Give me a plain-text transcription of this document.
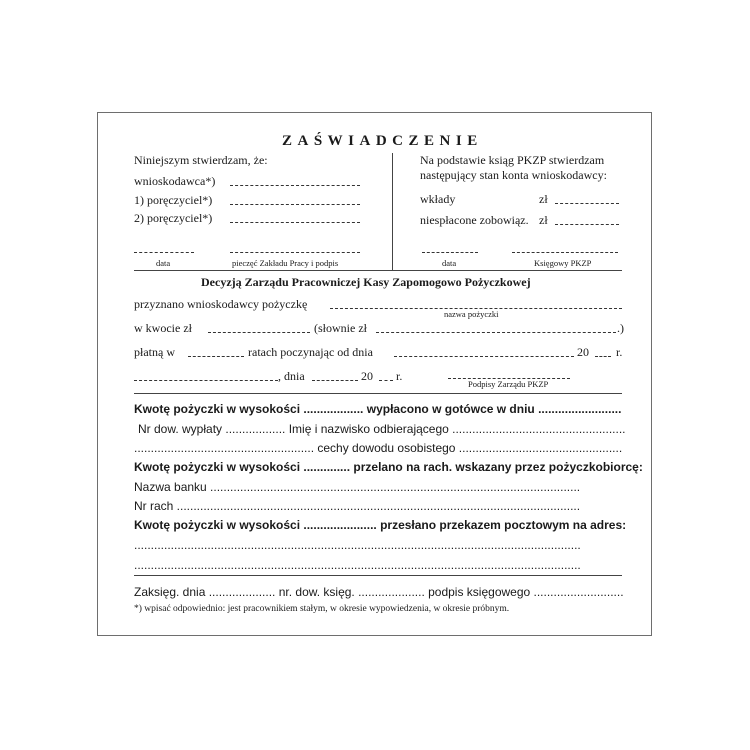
ZAŚWIADCZENIE
Niniejszym stwierdzam, że:
wnioskodawca*)
1) poręczyciel*)
2) poręczyciel*)
data	pieczęć Zakładu Pracy i podpis
Na podstawie ksiąg PKZP stwierdzam
następujący stan konta wnioskodawcy:
wkłady	zł
niespłacone zobowiąz. zł
data	Księgowy PKZP
Decyzją Zarządu Pracowniczej Kasy Zapomogowo Pożyczkowej
przyznano wnioskodawcy pożyczkę
nazwa pożyczki
w kwocie zł	(słownie zł	.)
płatną w	ratach poczynając od dnia	20 r.
, dnia	20 r.
Podpisy Zarządu PKZP
Kwotę pożyczki w wysokości .................. wypłacono w gotówce w dniu .........................
Nr dow. wypłaty .................. Imię i nazwisko odbierającego ....................................................
...................................................... cechy dowodu osobistego .................................................
Kwotę pożyczki w wysokości .............. przelano na rach. wskazany przez pożyczkobiorcę:
Nazwa banku ...............................................................................................................
Nr rach .........................................................................................................................
Kwotę pożyczki w wysokości ...................... przesłano przekazem pocztowym na adres:
......................................................................................................................................
......................................................................................................................................
Zaksięg. dnia .................... nr. dow. księg. .................... podpis księgowego ...........................
*) wpisać odpowiednio: jest pracownikiem stałym, w okresie wypowiedzenia, w okresie próbnym.
